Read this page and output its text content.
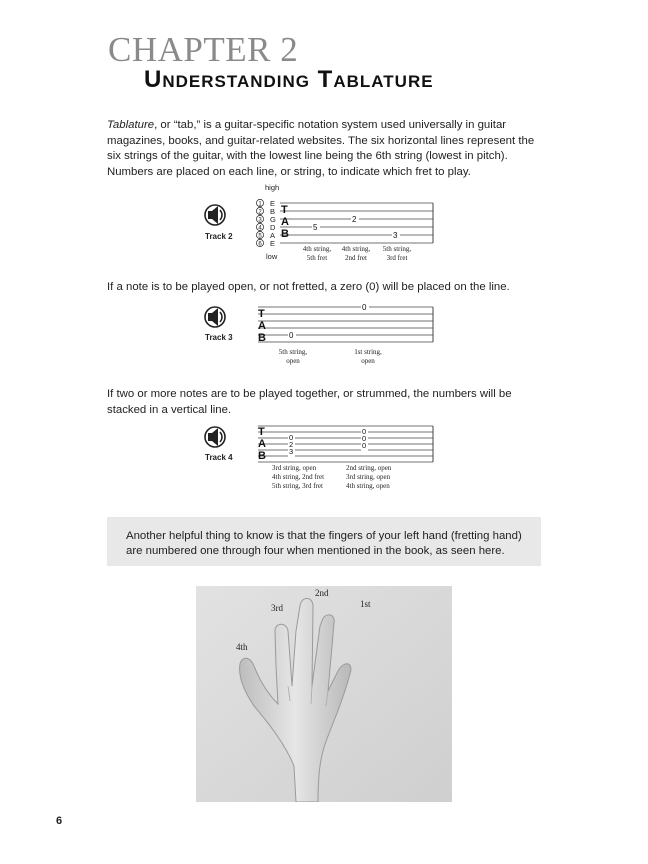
CHAPTER 2
Understanding Tablature
Tablature, or “tab,” is a guitar-specific notation system used universally in guitar magazines, books, and guitar-related websites. The six horizontal lines represent the six strings of the guitar, with the lowest line being the 6th string (lowest in pitch). Numbers are placed on each line, or string, to indicate which fret to play.
Track 2
high
low
1 E
2 B
3 G
4 D
5 A
6 E
T
A
B
5
2
3
4th string,
5th fret
4th string,
2nd fret
5th string,
3rd fret
If a note is to be played open, or not fretted, a zero (0) will be placed on the line.
Track 3
T
A
B	0
0
5th string,
open
1st string,
open
If two or more notes are to be played together, or strummed, the numbers will be stacked in a vertical line.
Track 4
T
A
B
0
2
3
0
0
0
3rd string, open
4th string, 2nd fret
5th string, 3rd fret
2nd string, open
3rd string, open
4th string, open
Another helpful thing to know is that the fingers of your left hand (fretting hand) are numbered one through four when mentioned in the book, as seen here.
4th
3rd
2nd
1st
6
